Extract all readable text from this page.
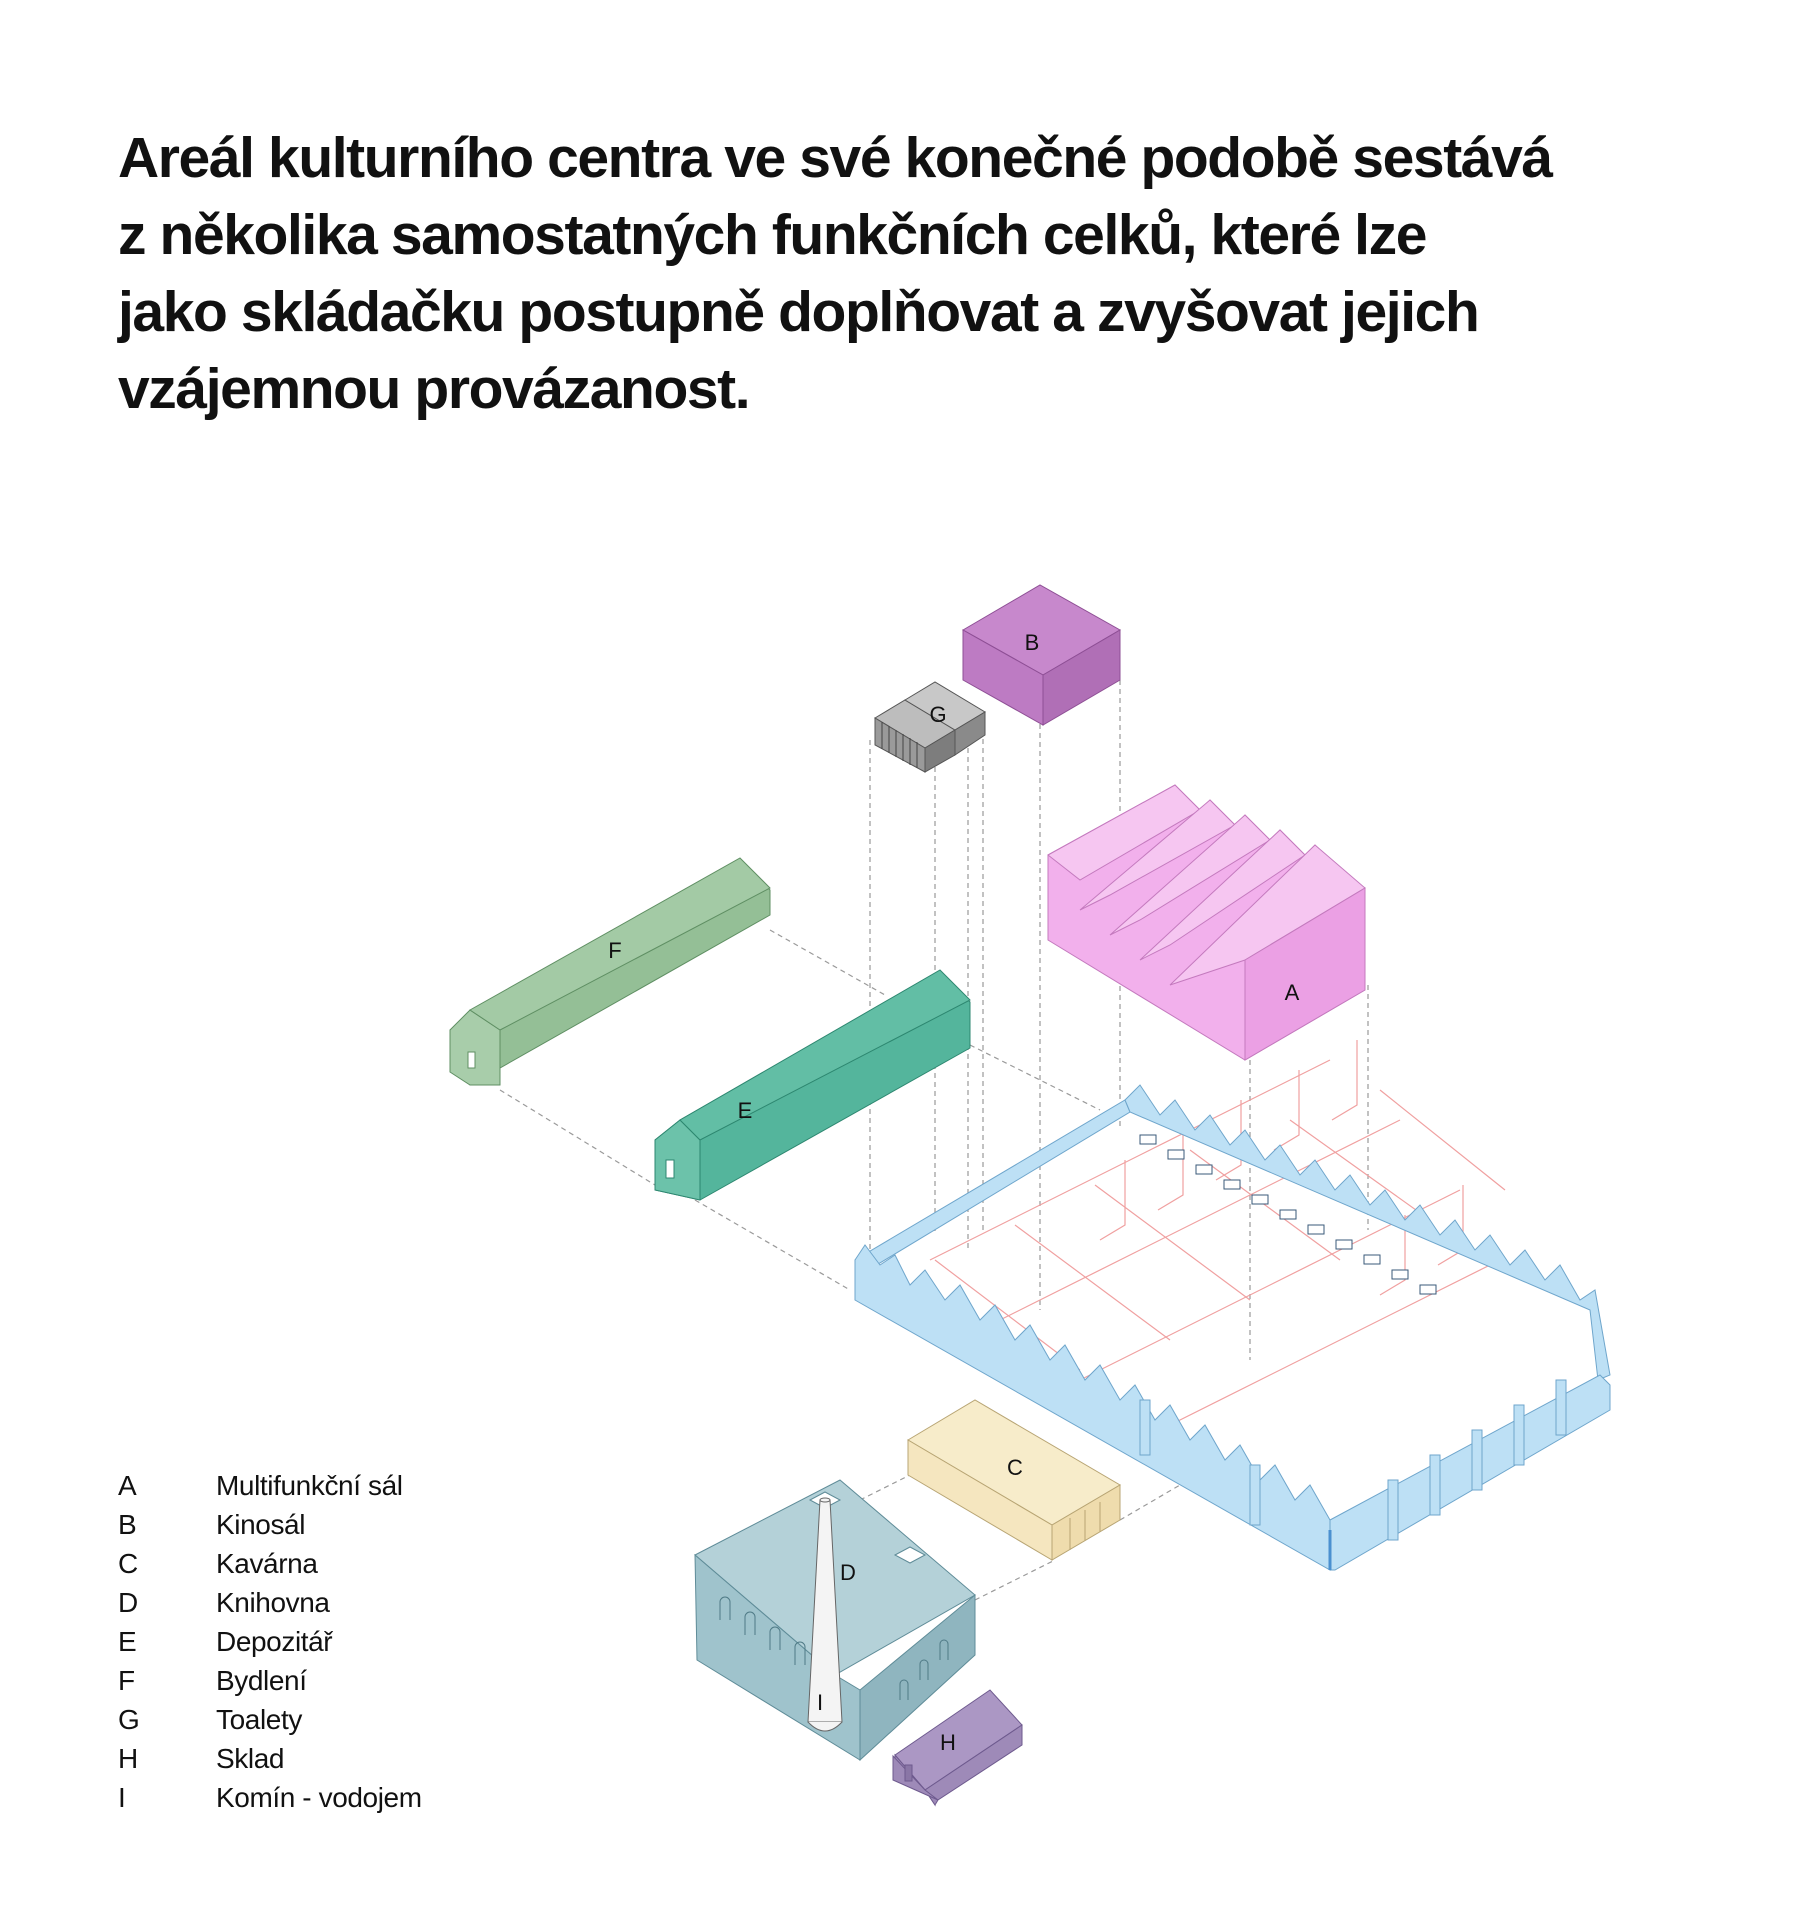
Areál kulturního centra ve své konečné podobě sestává
z několika samostatných funkčních celků, které lze
jako skládačku postupně doplňovat a zvyšovat jejich
vzájemnou provázanost.
F
E
A
B
G
C
D
I
H
A	Multifunkční sál
B	Kinosál
C	Kavárna
D	Knihovna
E	Depozitář
F	Bydlení
G	Toalety
H	Sklad
I	Komín - vodojem
